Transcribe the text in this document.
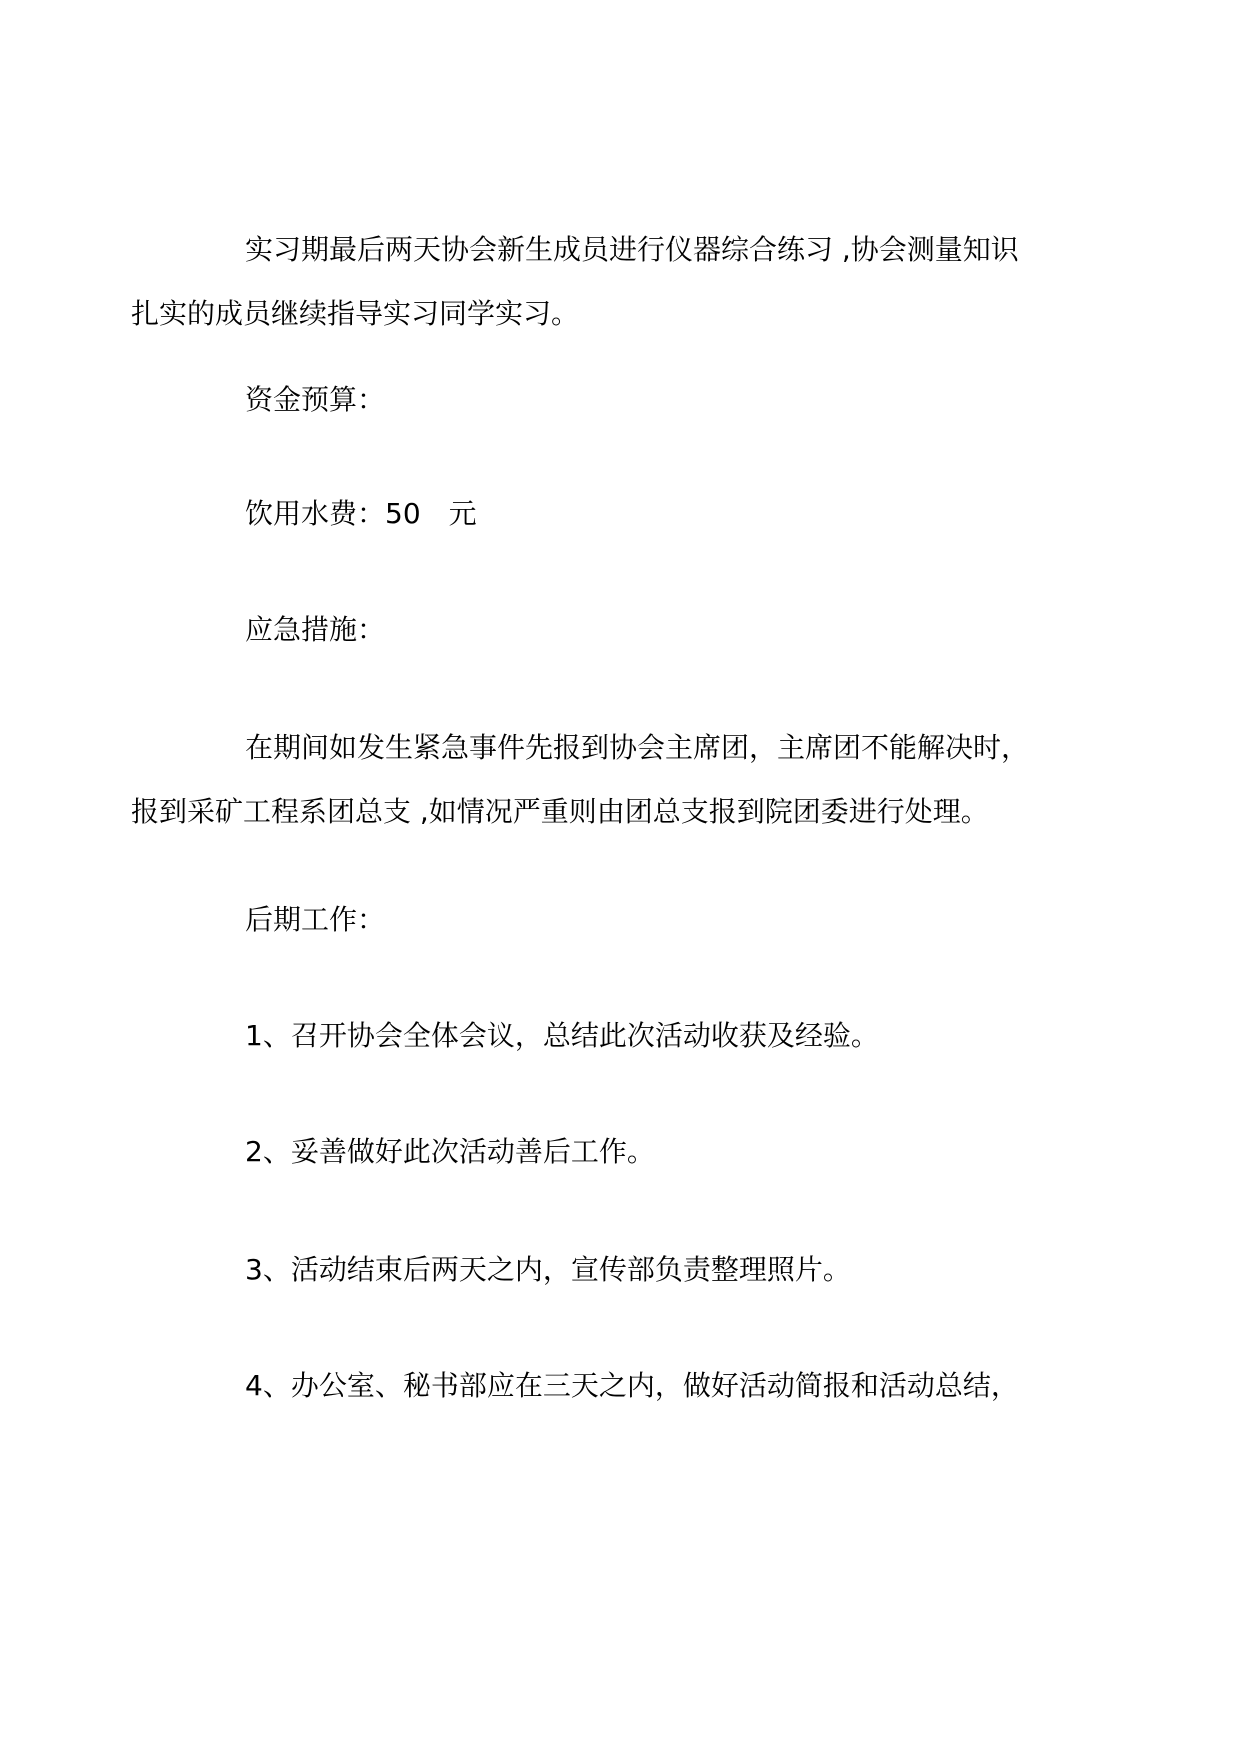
实习期最后两天协会新生成员进行仪器综合练习 ,协会测量知识
扎实的成员继续指导实习同学实习。
资金预算：
饮用水费：50　元
应急措施：
在期间如发生紧急事件先报到协会主席团，主席团不能解决时，
报到采矿工程系团总支 ,如情况严重则由团总支报到院团委进行处理。
后期工作：
1、召开协会全体会议，总结此次活动收获及经验。
2、妥善做好此次活动善后工作。
3、活动结束后两天之内，宣传部负责整理照片。
4、办公室、秘书部应在三天之内，做好活动简报和活动总结，
